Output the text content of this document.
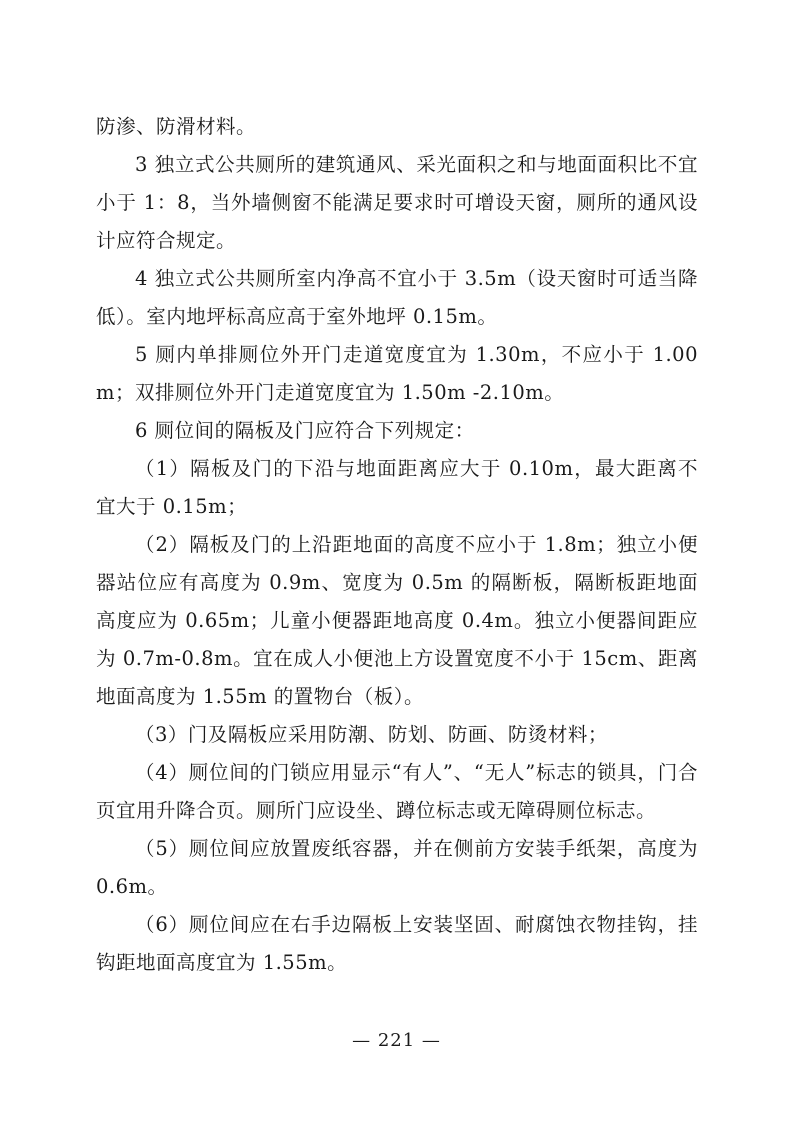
防渗、防滑材料。

3 独立式公共厕所的建筑通风、采光面积之和与地面面积比不宜小于 1：8，当外墙侧窗不能满足要求时可增设天窗，厕所的通风设计应符合规定。

4 独立式公共厕所室内净高不宜小于 3.5m（设天窗时可适当降低）。室内地坪标高应高于室外地坪 0.15m。

5 厕内单排厕位外开门走道宽度宜为 1.30m，不应小于 1.00m；双排厕位外开门走道宽度宜为 1.50m -2.10m。

6 厕位间的隔板及门应符合下列规定：

（1）隔板及门的下沿与地面距离应大于 0.10m，最大距离不宜大于 0.15m；

（2）隔板及门的上沿距地面的高度不应小于 1.8m；独立小便器站位应有高度为 0.9m、宽度为 0.5m 的隔断板，隔断板距地面高度应为 0.65m；儿童小便器距地高度 0.4m。独立小便器间距应为 0.7m-0.8m。宜在成人小便池上方设置宽度不小于 15cm、距离地面高度为 1.55m 的置物台（板）。

（3）门及隔板应采用防潮、防划、防画、防烫材料；

（4）厕位间的门锁应用显示“有人”、“无人”标志的锁具，门合页宜用升降合页。厕所门应设坐、蹲位标志或无障碍厕位标志。

（5）厕位间应放置废纸容器，并在侧前方安装手纸架，高度为 0.6m。

（6）厕位间应在右手边隔板上安装坚固、耐腐蚀衣物挂钩，挂钩距地面高度宜为 1.55m。

— 221 —
